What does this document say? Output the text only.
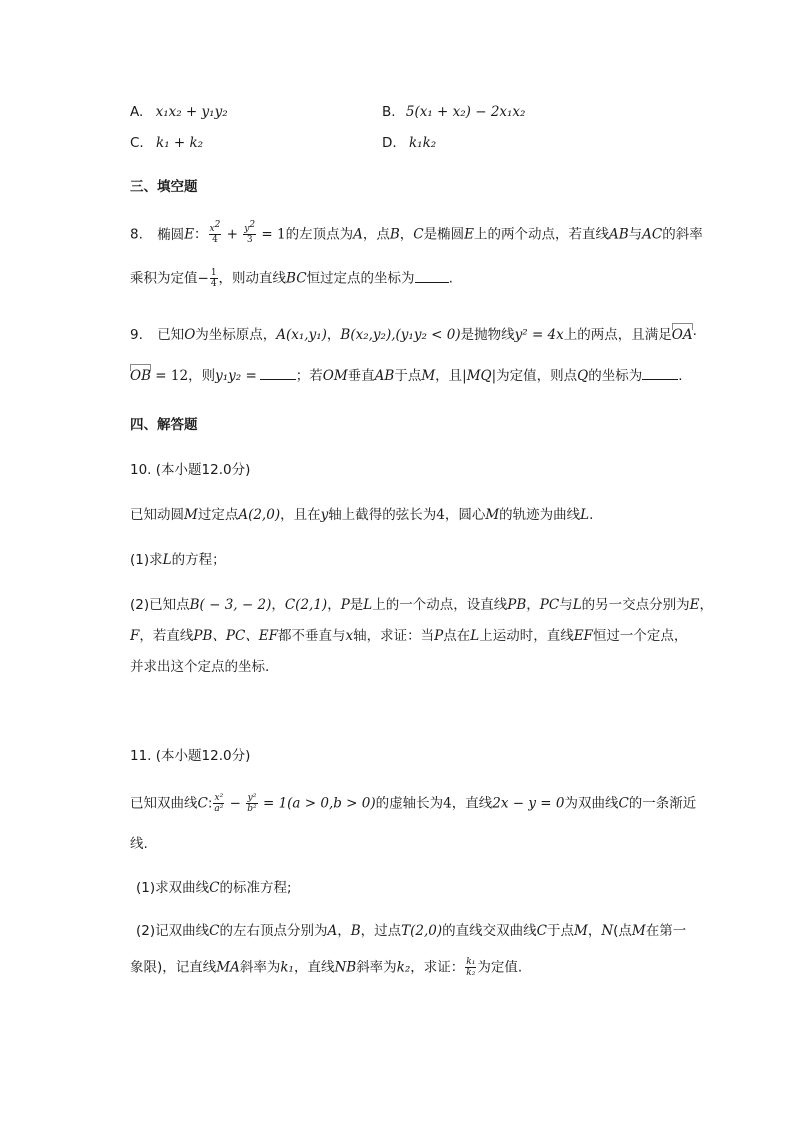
A. x₁x₂ + y₁y₂	B. 5(x₁ + x₂) − 2x₁x₂
C. k₁ + k₂	D. k₁k₂
三、填空题
8. 椭圆E： $\frac{x^2}{4} + \frac{y^2}{3} = 1$的左顶点为A，点B，C是椭圆E上的两个动点，若直线AB与AC的斜率
乘积为定值− $\frac{1}{4}$ ，则动直线BC恒过定点的坐标为	.
9. 已知O为坐标原点，A(x₁,y₁)，B(x₂,y₂),(y₁y₂ < 0)是抛物线y² = 4x上的两点，且满足OA·
OB = 12，则y₁y₂ =	；若OM垂直AB于点M，且|MQ|为定值，则点Q的坐标为	.
四、解答题
10. (本小题12.0分)
已知动圆M过定点A(2,0)，且在y轴上截得的弦长为4，圆心M的轨迹为曲线L.
(1)求L的方程；
(2)已知点B( − 3, − 2)，C(2,1)，P是L上的一个动点，设直线PB，PC与L的另一交点分别为E，
F，若直线PB、PC、EF都不垂直与x轴，求证：当P点在L上运动时，直线EF恒过一个定点，
并求出这个定点的坐标.
11. (本小题12.0分)
已知双曲线C: $\frac{\text{x²}}{\text{a²}} - \frac{\text{y²}}{\text{b²}} = 1(a > 0,b > 0)$的虚轴长为4，直线2x − y = 0为双曲线C的一条渐近
线.
(1)求双曲线C的标准方程;
(2)记双曲线C的左右顶点分别为A，B，过点T(2,0)的直线交双曲线C于点M，N(点M在第一
象限)，记直线MA斜率为k₁，直线NB斜率为k₂，求证： $\frac{\text{k₁}}{\text{k₂}}$ 为定值.
